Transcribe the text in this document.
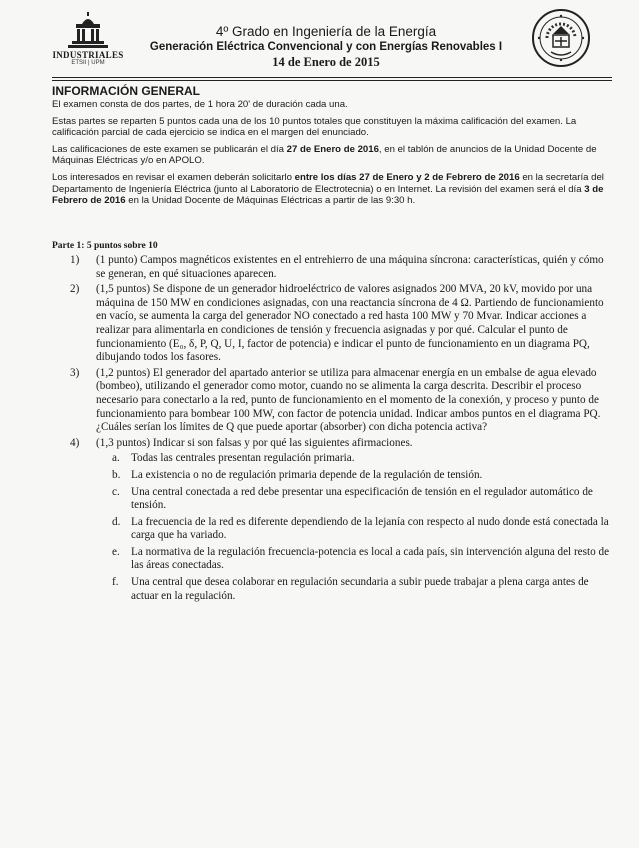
INDUSTRIALES
ETSII | UPM
4º Grado en Ingeniería de la Energía
Generación Eléctrica Convencional y con Energías Renovables I
14 de Enero de 2015
INFORMACIÓN GENERAL

El examen consta de dos partes, de 1 hora 20' de duración cada una.

Estas partes se reparten 5 puntos cada una de los 10 puntos totales que constituyen la máxima calificación del examen. La calificación parcial de cada ejercicio se indica en el margen del enunciado.

Las calificaciones de este examen se publicarán el día 27 de Enero de 2016, en el tablón de anuncios de la Unidad Docente de Máquinas Eléctricas y/o en APOLO.

Los interesados en revisar el examen deberán solicitarlo entre los días 27 de Enero y 2 de Febrero de 2016 en la secretaría del Departamento de Ingeniería Eléctrica (junto al Laboratorio de Electrotecnia) o en Internet. La revisión del examen será el día 3 de Febrero de 2016 en la Unidad Docente de Máquinas Eléctricas a partir de las 9:30 h.

Parte 1: 5 puntos sobre 10
1) (1 punto) Campos magnéticos existentes en el entrehierro de una máquina síncrona: características, quién y cómo se generan, en qué situaciones aparecen.
2) (1,5 puntos) Se dispone de un generador hidroeléctrico de valores asignados 200 MVA, 20 kV, movido por una máquina de 150 MW en condiciones asignadas, con una reactancia síncrona de 4 Ω. Partiendo de funcionamiento en vacío, se aumenta la carga del generador NO conectado a red hasta 100 MW y 70 Mvar. Indicar acciones a realizar para alimentarla en condiciones de tensión y frecuencia asignadas y por qué. Calcular el punto de funcionamiento (E₀, δ, P, Q, U, I, factor de potencia) e indicar el punto de funcionamiento en un diagrama PQ, dibujando todos los fasores.
3) (1,2 puntos) El generador del apartado anterior se utiliza para almacenar energía en un embalse de agua elevado (bombeo), utilizando el generador como motor, cuando no se alimenta la carga descrita. Describir el proceso necesario para conectarlo a la red, punto de funcionamiento en el momento de la conexión, y proceso y punto de funcionamiento para bombear 100 MW, con factor de potencia unidad. Indicar ambos puntos en el diagrama PQ. ¿Cuáles serían los límites de Q que puede aportar (absorber) con dicha potencia activa?
4) (1,3 puntos) Indicar si son falsas y por qué las siguientes afirmaciones.
a. Todas las centrales presentan regulación primaria.
b. La existencia o no de regulación primaria depende de la regulación de tensión.
c. Una central conectada a red debe presentar una especificación de tensión en el regulador automático de tensión.
d. La frecuencia de la red es diferente dependiendo de la lejanía con respecto al nudo donde está conectada la carga que ha variado.
e. La normativa de la regulación frecuencia-potencia es local a cada país, sin intervención alguna del resto de las áreas conectadas.
f. Una central que desea colaborar en regulación secundaria a subir puede trabajar a plena carga antes de actuar en la regulación.
